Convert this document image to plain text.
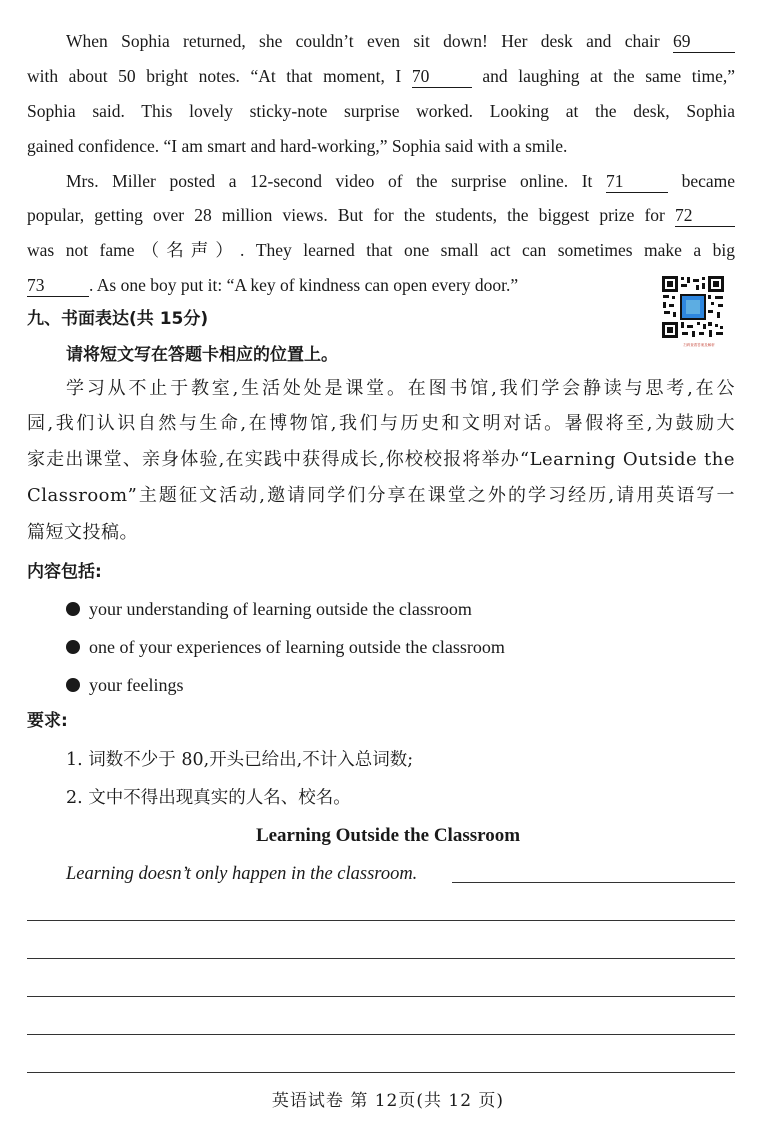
When Sophia returned, she couldn’t even sit down! Her desk and chair 69
with about 50 bright notes. “At that moment, I 70	and laughing at the same time,”
Sophia said. This lovely sticky-note surprise worked. Looking at the desk, Sophia
gained confidence. “I am smart and hard-working,” Sophia said with a smile.
Mrs. Miller posted a 12-second video of the surprise online. It 71	became
popular, getting over 28 million views. But for the students, the biggest prize for 72
was not fame（名声）. They learned that one small act can sometimes make a big
73	. As one boy put it: “A key of kindness can open every door.”
扫码查看答案及解析
九、书面表达(共 15分)
请将短文写在答题卡相应的位置上。
学习从不止于教室,生活处处是课堂。在图书馆,我们学会静读与思考,在公
园,我们认识自然与生命,在博物馆,我们与历史和文明对话。暑假将至,为鼓励大
家走出课堂、亲身体验,在实践中获得成长,你校校报将举办“Learning Outside the
Classroom”主题征文活动,邀请同学们分享在课堂之外的学习经历,请用英语写一
篇短文投稿。
内容包括:
your understanding of learning outside the classroom
one of your experiences of learning outside the classroom
your feelings
要求:
1. 词数不少于 80,开头已给出,不计入总词数;
2. 文中不得出现真实的人名、校名。
Learning Outside the Classroom
Learning doesn’t only happen in the classroom.
英语试卷 第 12页(共 12 页)
